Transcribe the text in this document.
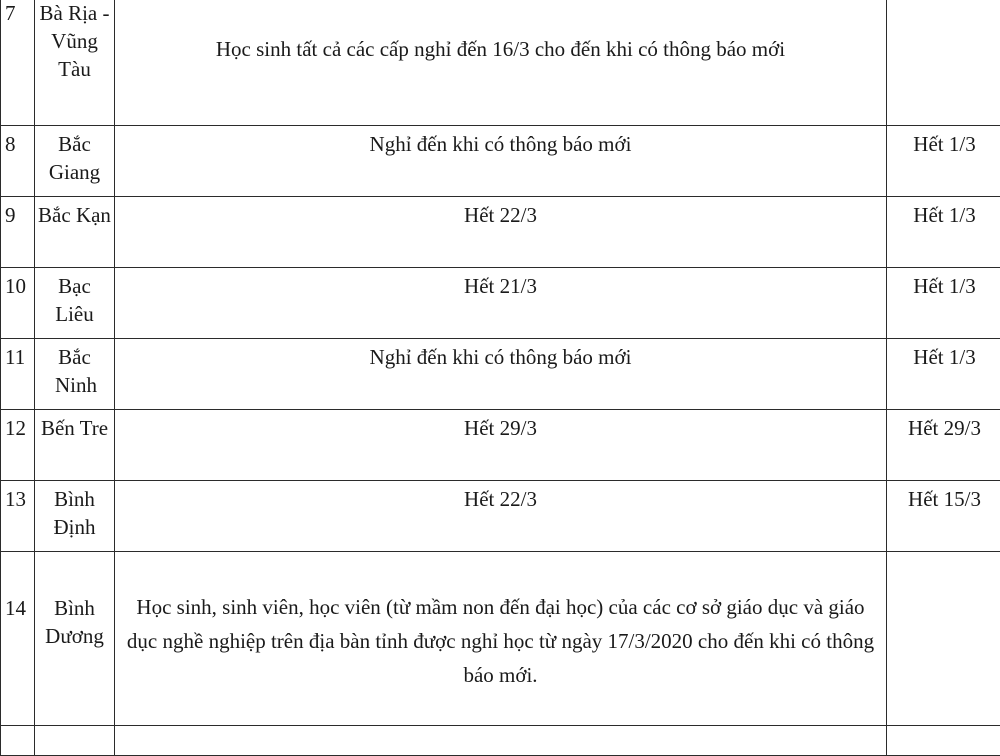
7	Bà Rịa - Vũng Tàu	Học sinh tất cả các cấp nghỉ đến 16/3 cho đến khi có thông báo mới	
8	Bắc Giang	Nghỉ đến khi có thông báo mới	Hết 1/3
9	Bắc Kạn	Hết 22/3	Hết 1/3
10	Bạc Liêu	Hết 21/3	Hết 1/3
11	Bắc Ninh	Nghỉ đến khi có thông báo mới	Hết 1/3
12	Bến Tre	Hết 29/3	Hết 29/3
13	Bình Định	Hết 22/3	Hết 15/3
14	Bình Dương	Học sinh, sinh viên, học viên (từ mầm non đến đại học) của các cơ sở giáo dục và giáo dục nghề nghiệp trên địa bàn tỉnh được nghỉ học từ ngày 17/3/2020 cho đến khi có thông báo mới.	
